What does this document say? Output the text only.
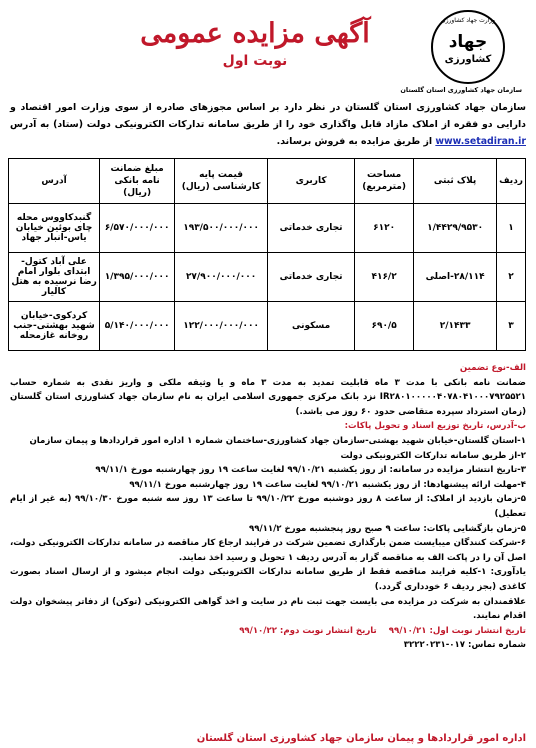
وزارت جهاد کشاورزی
جهاد
کشاورزی
سازمان جهاد کشاورزی استان گلستان
آگهی مزایده عمومی
نوبت اول
سازمان جهاد کشاورزی استان گلستان در نظر دارد بر اساس مجوزهای صادره از سوی وزارت امور اقتصاد و دارایی دو فقره از املاک مازاد قابل واگذاری خود را از طریق سامانه تدارکات الکترونیکی دولت (ستاد) به آدرس www.setadiran.ir از طریق مزایده به فروش برساند.
ردیف	پلاک ثبتی	مساحت (مترمربع)	کاربری	قیمت پایه کارشناسی (ریال)	مبلغ ضمانت نامه بانکی (ریال)	آدرس
۱	۱/۴۴۲۹/۹۵۳۰	۶۱۲۰	تجاری خدماتی	۱۹۳/۵۰۰/۰۰۰/۰۰۰	۶/۵۷۰/۰۰۰/۰۰۰	گنبدکاووس محله چای بوئین خیابان یاس-انبار جهاد
۲	۲۸/۱۱۴-اصلی	۴۱۶/۲	تجاری خدماتی	۲۷/۹۰۰/۰۰۰/۰۰۰	۱/۳۹۵/۰۰۰/۰۰۰	علی آباد کتول-ابتدای بلوار امام رضا نرسیده به هتل کالیار
۳	۲/۱۴۳۳	۶۹۰/۵	مسکونی	۱۲۲/۰۰۰/۰۰۰/۰۰۰	۵/۱۴۰/۰۰۰/۰۰۰	کردکوی-خیابان شهید بهشتی-جنب روخانه غازمحله
الف-نوع تضمین
ضمانت نامه بانکی با مدت ۳ ماه قابلیت تمدید به مدت ۳ ماه و یا وثیقه ملکی و واریز نقدی به شماره حساب IR۲۸۰۱۰۰۰۰۰۴۰۷۸۰۴۱۰۰۰۷۹۲۵۵۲۱ نزد بانک مرکزی جمهوری اسلامی ایران به نام سازمان جهاد کشاورزی استان گلستان (زمان استرداد سپرده متقاضی حدود ۶۰ روز می باشد.)
ب-آدرس، تاریخ توزیع اسناد و تحویل پاکات:
۱-استان گلستان-خیابان شهید بهشتی-سازمان جهاد کشاورزی-ساختمان شماره ۱ اداره امور قراردادها و پیمان سازمان
۲-از طریق سامانه تدارکات الکترونیکی دولت
۳-تاریخ انتشار مزایده در سامانه: از روز یکشنبه ۹۹/۱۰/۲۱ لغایت ساعت ۱۹ روز چهارشنبه مورخ ۹۹/۱۱/۱
۴-مهلت ارائه پیشنهادها: از روز یکشنبه ۹۹/۱۰/۲۱ لغایت ساعت ۱۹ روز چهارشنبه مورخ ۹۹/۱۱/۱
۵-زمان بازدید از املاک: از ساعت ۸ روز دوشنبه مورخ ۹۹/۱۰/۲۲ تا ساعت ۱۳ روز سه شنبه مورخ ۹۹/۱۰/۳۰ (به غیر از ایام تعطیل)
۵-زمان بازگشایی پاکات: ساعت ۹ صبح روز پنجشنبه مورخ ۹۹/۱۱/۲
۶-شرکت کنندگان میبایست ضمن بارگذاری تضمین شرکت در فرایند ارجاع کار مناقصه در سامانه تدارکات الکترونیکی دولت، اصل آن را در پاکت الف به مناقصه گزار به آدرس ردیف ۱ تحویل و رسید اخذ نمایند.
یادآوری: ۱-کلیه فرایند مناقصه فقط از طریق سامانه تدارکات الکترونیکی دولت انجام میشود و از ارسال اسناد بصورت کاغذی (بجز ردیف ۶ خودداری گردد.)
علاقمندان به شرکت در مزایده می بایست جهت ثبت نام در سایت و اخذ گواهی الکترونیکی (توکن) از دفاتر پیشخوان دولت اقدام نمایند.
تاریخ انتشار نوبت اول: ۹۹/۱۰/۲۱    تاریخ انتشار نوبت دوم: ۹۹/۱۰/۲۲
شماره تماس: ۰۱۷-۳۲۲۲۰۲۳۱
اداره امور قراردادها و پیمان سازمان جهاد کشاورزی استان گلستان
